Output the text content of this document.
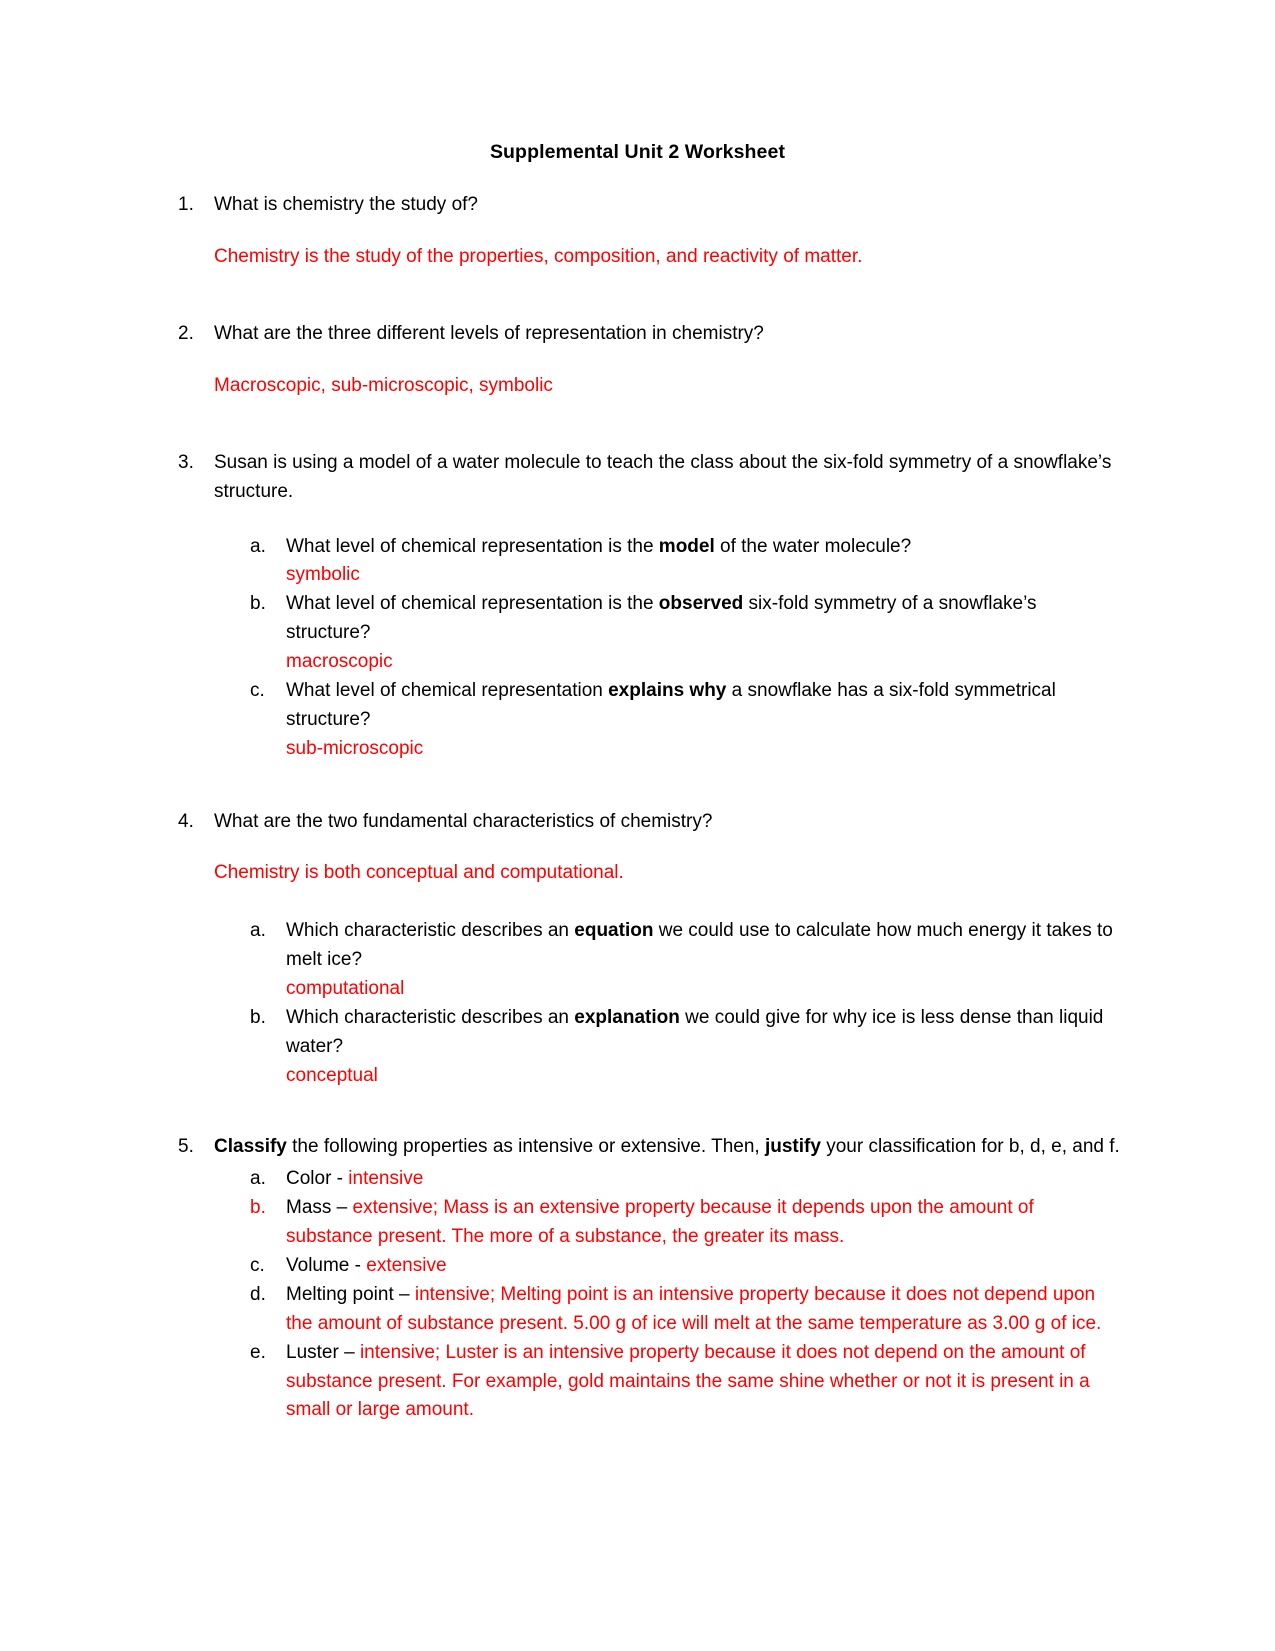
Supplemental Unit 2 Worksheet
1.	What is chemistry the study of?
Chemistry is the study of the properties, composition, and reactivity of matter.
2.	What are the three different levels of representation in chemistry?
Macroscopic, sub-microscopic, symbolic
3.	Susan is using a model of a water molecule to teach the class about the six-fold symmetry of a snowflake’s structure.
a.	What level of chemical representation is the model of the water molecule?
symbolic
b.	What level of chemical representation is the observed six-fold symmetry of a snowflake’s structure?
macroscopic
c.	What level of chemical representation explains why a snowflake has a six-fold symmetrical structure?
sub-microscopic
4.	What are the two fundamental characteristics of chemistry?
Chemistry is both conceptual and computational.
a.	Which characteristic describes an equation we could use to calculate how much energy it takes to melt ice?
computational
b.	Which characteristic describes an explanation we could give for why ice is less dense than liquid water?
conceptual
5.	Classify the following properties as intensive or extensive. Then, justify your classification for b, d, e, and f.
a.	Color - intensive
b.	Mass – extensive; Mass is an extensive property because it depends upon the amount of substance present. The more of a substance, the greater its mass.
c.	Volume - extensive
d.	Melting point – intensive; Melting point is an intensive property because it does not depend upon the amount of substance present. 5.00 g of ice will melt at the same temperature as 3.00 g of ice.
e.	Luster – intensive; Luster is an intensive property because it does not depend on the amount of substance present. For example, gold maintains the same shine whether or not it is present in a small or large amount.
